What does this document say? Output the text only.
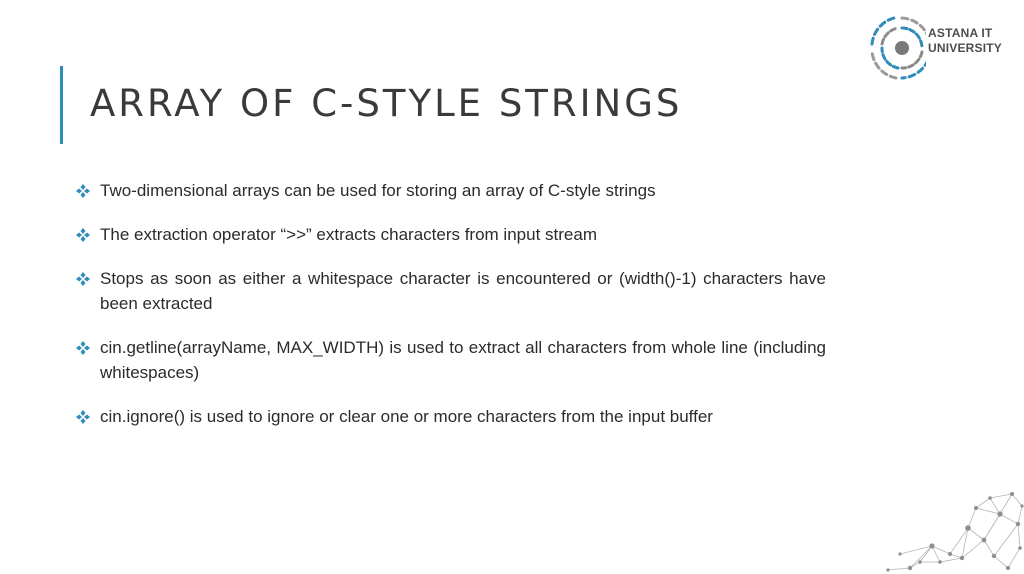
ARRAY OF C-STYLE STRINGS
ASTANA IT
UNIVERSITY
Two-dimensional arrays can be used for storing an array of C-style strings
The extraction operator “>>” extracts characters from input stream
Stops as soon as either a whitespace character is encountered or (width()-1) characters have been extracted
cin.getline(arrayName, MAX_WIDTH) is used to extract all characters from whole line (including whitespaces)
cin.ignore() is used to ignore or clear one or more characters from the input buffer
